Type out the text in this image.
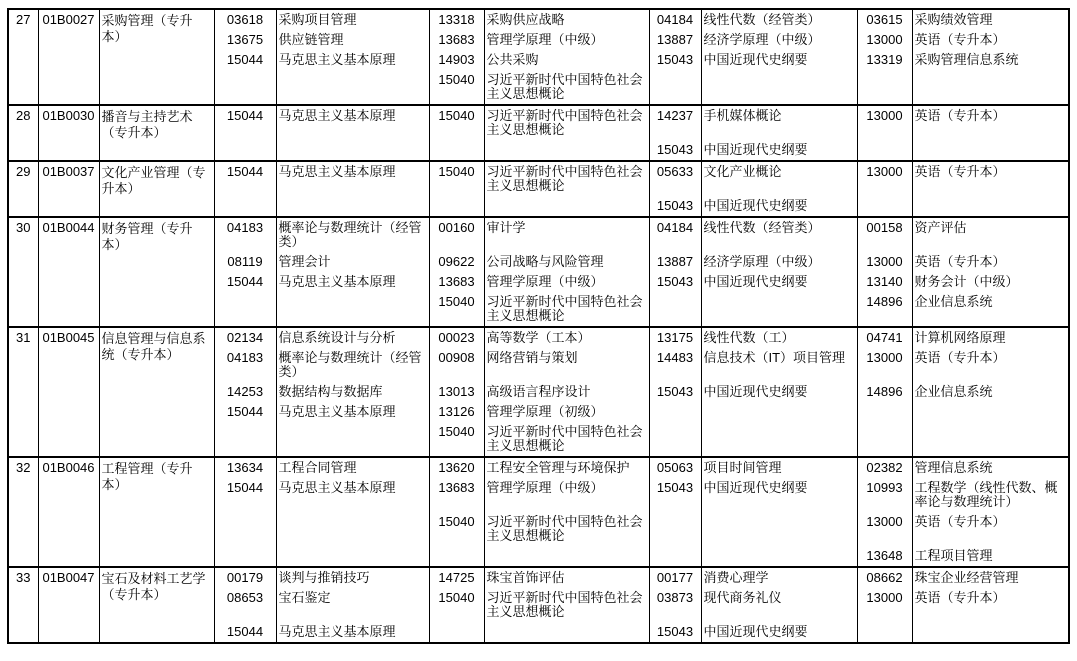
27	01B0027	采购管理（专升本）	03618	采购项目管理	13318	采购供应战略	04184	线性代数（经管类）	03615	采购绩效管理
			13675	供应链管理	13683	管理学原理（中级）	13887	经济学原理（中级）	13000	英语（专升本）
			15044	马克思主义基本原理	14903	公共采购	15043	中国近现代史纲要	13319	采购管理信息系统
					15040	习近平新时代中国特色社会主义思想概论				
28	01B0030	播音与主持艺术（专升本）	15044	马克思主义基本原理	15040	习近平新时代中国特色社会主义思想概论	14237	手机媒体概论	13000	英语（专升本）
							15043	中国近现代史纲要		
29	01B0037	文化产业管理（专升本）	15044	马克思主义基本原理	15040	习近平新时代中国特色社会主义思想概论	05633	文化产业概论	13000	英语（专升本）
							15043	中国近现代史纲要		
30	01B0044	财务管理（专升本）	04183	概率论与数理统计（经管类）	00160	审计学	04184	线性代数（经管类）	00158	资产评估
			08119	管理会计	09622	公司战略与风险管理	13887	经济学原理（中级）	13000	英语（专升本）
			15044	马克思主义基本原理	13683	管理学原理（中级）	15043	中国近现代史纲要	13140	财务会计（中级）
					15040	习近平新时代中国特色社会主义思想概论			14896	企业信息系统
31	01B0045	信息管理与信息系统（专升本）	02134	信息系统设计与分析	00023	高等数学（工本）	13175	线性代数（工）	04741	计算机网络原理
			04183	概率论与数理统计（经管类）	00908	网络营销与策划	14483	信息技术（IT）项目管理	13000	英语（专升本）
			14253	数据结构与数据库	13013	高级语言程序设计	15043	中国近现代史纲要	14896	企业信息系统
			15044	马克思主义基本原理	13126	管理学原理（初级）				
					15040	习近平新时代中国特色社会主义思想概论				
32	01B0046	工程管理（专升本）	13634	工程合同管理	13620	工程安全管理与环境保护	05063	项目时间管理	02382	管理信息系统
			15044	马克思主义基本原理	13683	管理学原理（中级）	15043	中国近现代史纲要	10993	工程数学（线性代数、概率论与数理统计）
					15040	习近平新时代中国特色社会主义思想概论			13000	英语（专升本）
									13648	工程项目管理
33	01B0047	宝石及材料工艺学（专升本）	00179	谈判与推销技巧	14725	珠宝首饰评估	00177	消费心理学	08662	珠宝企业经营管理
			08653	宝石鉴定	15040	习近平新时代中国特色社会主义思想概论	03873	现代商务礼仪	13000	英语（专升本）
			15044	马克思主义基本原理			15043	中国近现代史纲要		
